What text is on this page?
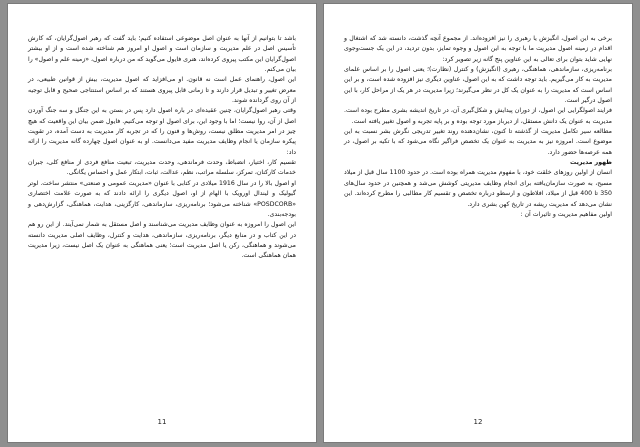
باشد تا بتوانیم از آنها به عنوان اصل موضوعی استفاده کنیم؛ باید گفت که رهبر اصول‌گرایان، که کارش تأسیس اصل در علم مدیریت و سازمان است و اصول او امروز هم شناخته شده است و از او بیشتر اصول‌گرایان این مکتب پیروی کرده‌اند، هنری فایول می‌گوید که من درباره اصول، «زمینه علم و اصول» را بیان می‌کنم.

این اصول، راهنمای عمل است نه قانون. او می‌افزاید که اصول مدیریت، بیش از قوانین طبیعی، در معرض تغییر و تبدیل قرار دارند و تا زمانی قابل پیروی هستند که بر اساس استنتاجی صحیح و قابل توجیه از آن روی گردانده شوند.

وقتی رهبر اصول‌گرایان، چنین عقیده‌ای در باره اصول دارد پس در بستن به این جنگل و سه جنگ آوردن اصل از آن، روا نیست؛ اما با وجود این، برای اصول او توجه می‌کنیم. فایول ضمن بیان این واقعیت که هیچ چیز در امر مدیریت مطلق نیست، روش‌ها و فنون را که در تجربه کار مدیریت به دست آمده، در تقویت پیکره سازمان یا انجام وظایف مدیریت مفید می‌دانست. او به عنوان اصول چهارده گانه مدیریت را ارائه داد:

تقسیم کار، اختیار، انضباط، وحدت فرماندهی، وحدت مدیریت، تبعیت منافع فردی از منافع کلی، جبران خدمات کارکنان، تمرکز، سلسله مراتب، نظم، عدالت، ثبات، ابتکار عمل و احساس یگانگی.

او اصول بالا را در سال 1916 میلادی در کتابی با عنوان «مدیریت عمومی و صنعتی» منتشر ساخت. لوتر گیولیک و لیندال اورویک با الهام از او، اصول دیگری را ارائه دادند که به صورت علامت اختصاری «POSDCORB» شناخته می‌شود؛ برنامه‌ریزی، سازماندهی، کارگزینی، هدایت، هماهنگی، گزارش‌دهی و بودجه‌بندی.

این اصول را امروزه به عنوان وظایف مدیریت می‌شناسند و اصل مستقل به شمار نمی‌آیند. از این رو هم در این کتاب و در منابع دیگر، برنامه‌ریزی، سازماندهی، هدایت و کنترل، وظایف اصلی مدیریت دانسته می‌شوند و هماهنگی، رکن یا اصل مدیریت است؛ یعنی هماهنگی به عنوان یک اصل نیست، زیرا مدیریت همان هماهنگی است.

11

برخی به این اصول، انگیزش یا رهبری را نیز افزوده‌اند. از مجموع آنچه گذشت، دانسته شد که اشتغال و اقدام در زمینه اصول مدیریت ما با توجه به این اصول و وجوه تمایز، بدون تردید، در این یک جست‌وجوی نهایی شاید بتوان برای تعالی به این عناوین پنج گانه زیر تصویر کرد:

برنامه‌ریزی، سازماندهی، هماهنگی، رهبری (انگیزش) و کنترل (نظارت)؛ یعنی اصول را بر اساس علمای مدیریت به کار می‌گیریم. باید توجه داشت که به این اصول، عناوین دیگری نیز افزوده شده است، و بر این اساس است که مدیریت را به عنوان یک کل در نظر می‌گیرند؛ زیرا مدیریت در هر یک از مراحل کار، با این اصول درگیر است.

فرایند اصولگرایی این اصول، از دوران پیدایش و شکل‌گیری آن، در تاریخ اندیشه بشری مطرح بوده است. مدیریت به عنوان یک دانش مستقل، از دیرباز مورد توجه بوده و بر پایه تجربه و اصول تغییر یافته است.

مطالعه سیر تکامل مدیریت از گذشته تا کنون، نشان‌دهنده روند تغییر تدریجی نگرش بشر نسبت به این موضوع است. امروزه نیز به مدیریت به عنوان یک تخصص فراگیر نگاه می‌شود که با تکیه بر اصول، در همه عرصه‌ها حضور دارد.

ظهور مدیریت

انسان از اولین روزهای خلقت خود، با مفهوم مدیریت همراه بوده است. در حدود 1100 سال قبل از میلاد مسیح، به صورت سازمان‌یافته برای انجام وظایف مدیریتی کوشش می‌شد و همچنین در حدود سال‌های 350 تا 400 قبل از میلاد، افلاطون و ارسطو درباره تخصص و تقسیم کار مطالبی را مطرح کرده‌اند. این نشان می‌دهد که مدیریت ریشه در تاریخ کهن بشری دارد.

اولین مفاهیم مدیریت و تاثیرات آن :

12
